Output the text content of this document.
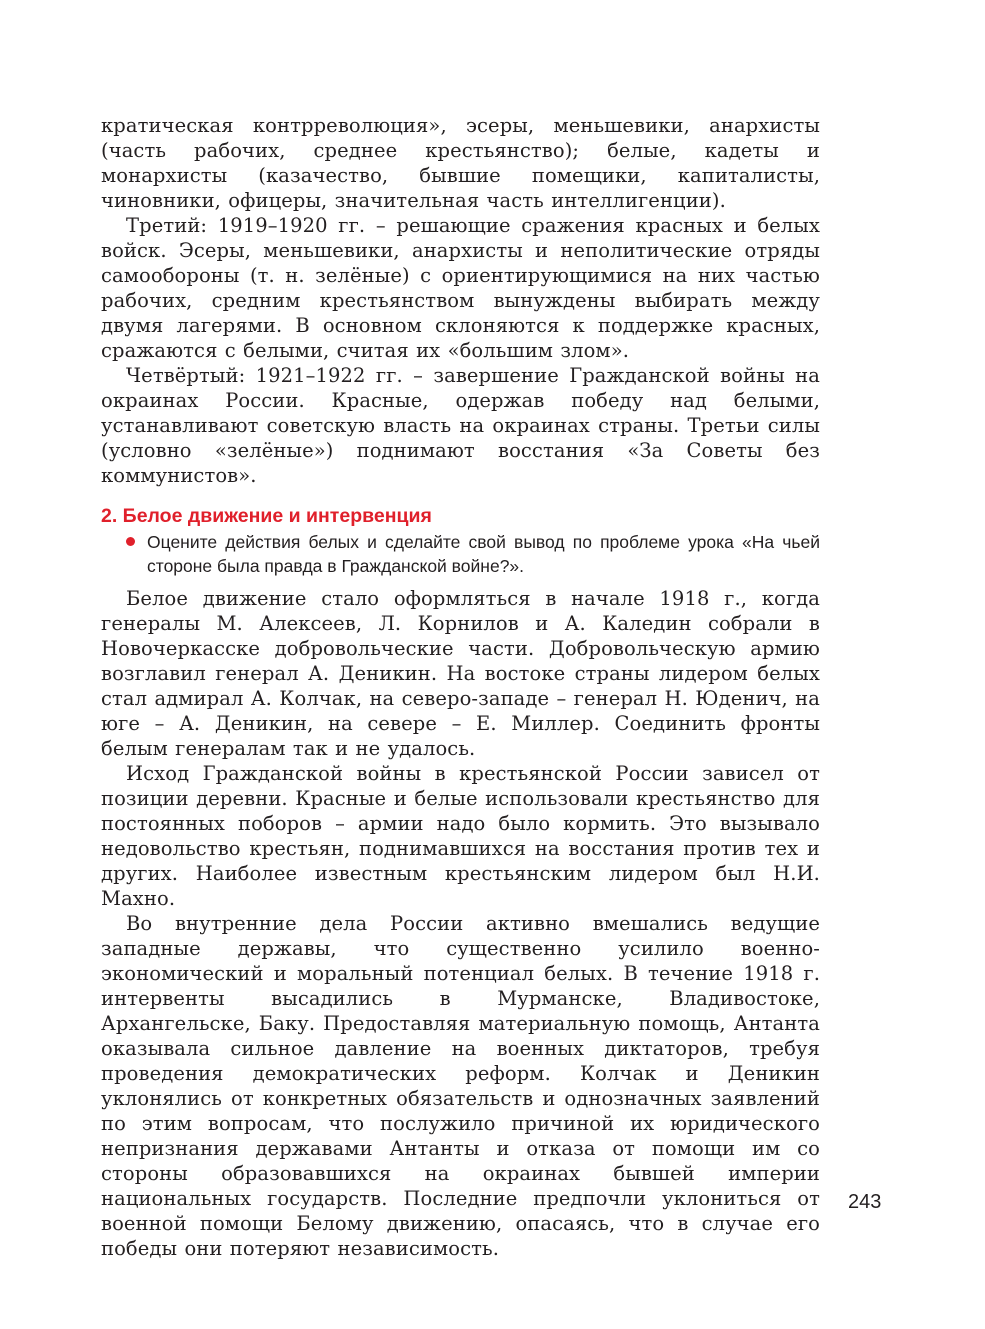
кратическая контрреволюция», эсеры, меньшевики, анархисты (часть рабочих, среднее крестьянство); белые, кадеты и монархисты (казачество, бывшие помещики, капиталисты, чиновники, офицеры, значительная часть интеллигенции).

Третий: 1919–1920 гг. – решающие сражения красных и белых войск. Эсеры, меньшевики, анархисты и неполитические отряды самообороны (т. н. зелёные) с ориентирующимися на них частью рабочих, средним крестьянством вынуждены выбирать между двумя лагерями. В основном склоняются к поддержке красных, сражаются с белыми, считая их «большим злом».

Четвёртый: 1921–1922 гг. – завершение Гражданской войны на окраинах России. Красные, одержав победу над белыми, устанавливают советскую власть на окраинах страны. Третьи силы (условно «зелёные») поднимают восстания «За Советы без коммунистов».

2. Белое движение и интервенция
Оцените действия белых и сделайте свой вывод по проблеме урока «На чьей стороне была правда в Гражданской войне?».

Белое движение стало оформляться в начале 1918 г., когда генералы М. Алексеев, Л. Корнилов и А. Каледин собрали в Новочеркасске добровольческие части. Добровольческую армию возглавил генерал А. Деникин. На востоке страны лидером белых стал адмирал А. Колчак, на северо-западе – генерал Н. Юденич, на юге – А. Деникин, на севере – Е. Миллер. Соединить фронты белым генералам так и не удалось.

Исход Гражданской войны в крестьянской России зависел от позиции деревни. Красные и белые использовали крестьянство для постоянных поборов – армии надо было кормить. Это вызывало недовольство крестьян, поднимавшихся на восстания против тех и других. Наиболее известным крестьянским лидером был Н.И. Махно.

Во внутренние дела России активно вмешались ведущие западные державы, что существенно усилило военно-экономический и моральный потенциал белых. В течение 1918 г. интервенты высадились в Мурманске, Владивостоке, Архангельске, Баку. Предоставляя материальную помощь, Антанта оказывала сильное давление на военных диктаторов, требуя проведения демократических реформ. Колчак и Деникин уклонялись от конкретных обязательств и однозначных заявлений по этим вопросам, что послужило причиной их юридического непризнания державами Антанты и отказа от помощи им со стороны образовавшихся на окраинах бывшей империи национальных государств. Последние предпочли уклониться от военной помощи Белому движению, опасаясь, что в случае его победы они потеряют независимость.

243
